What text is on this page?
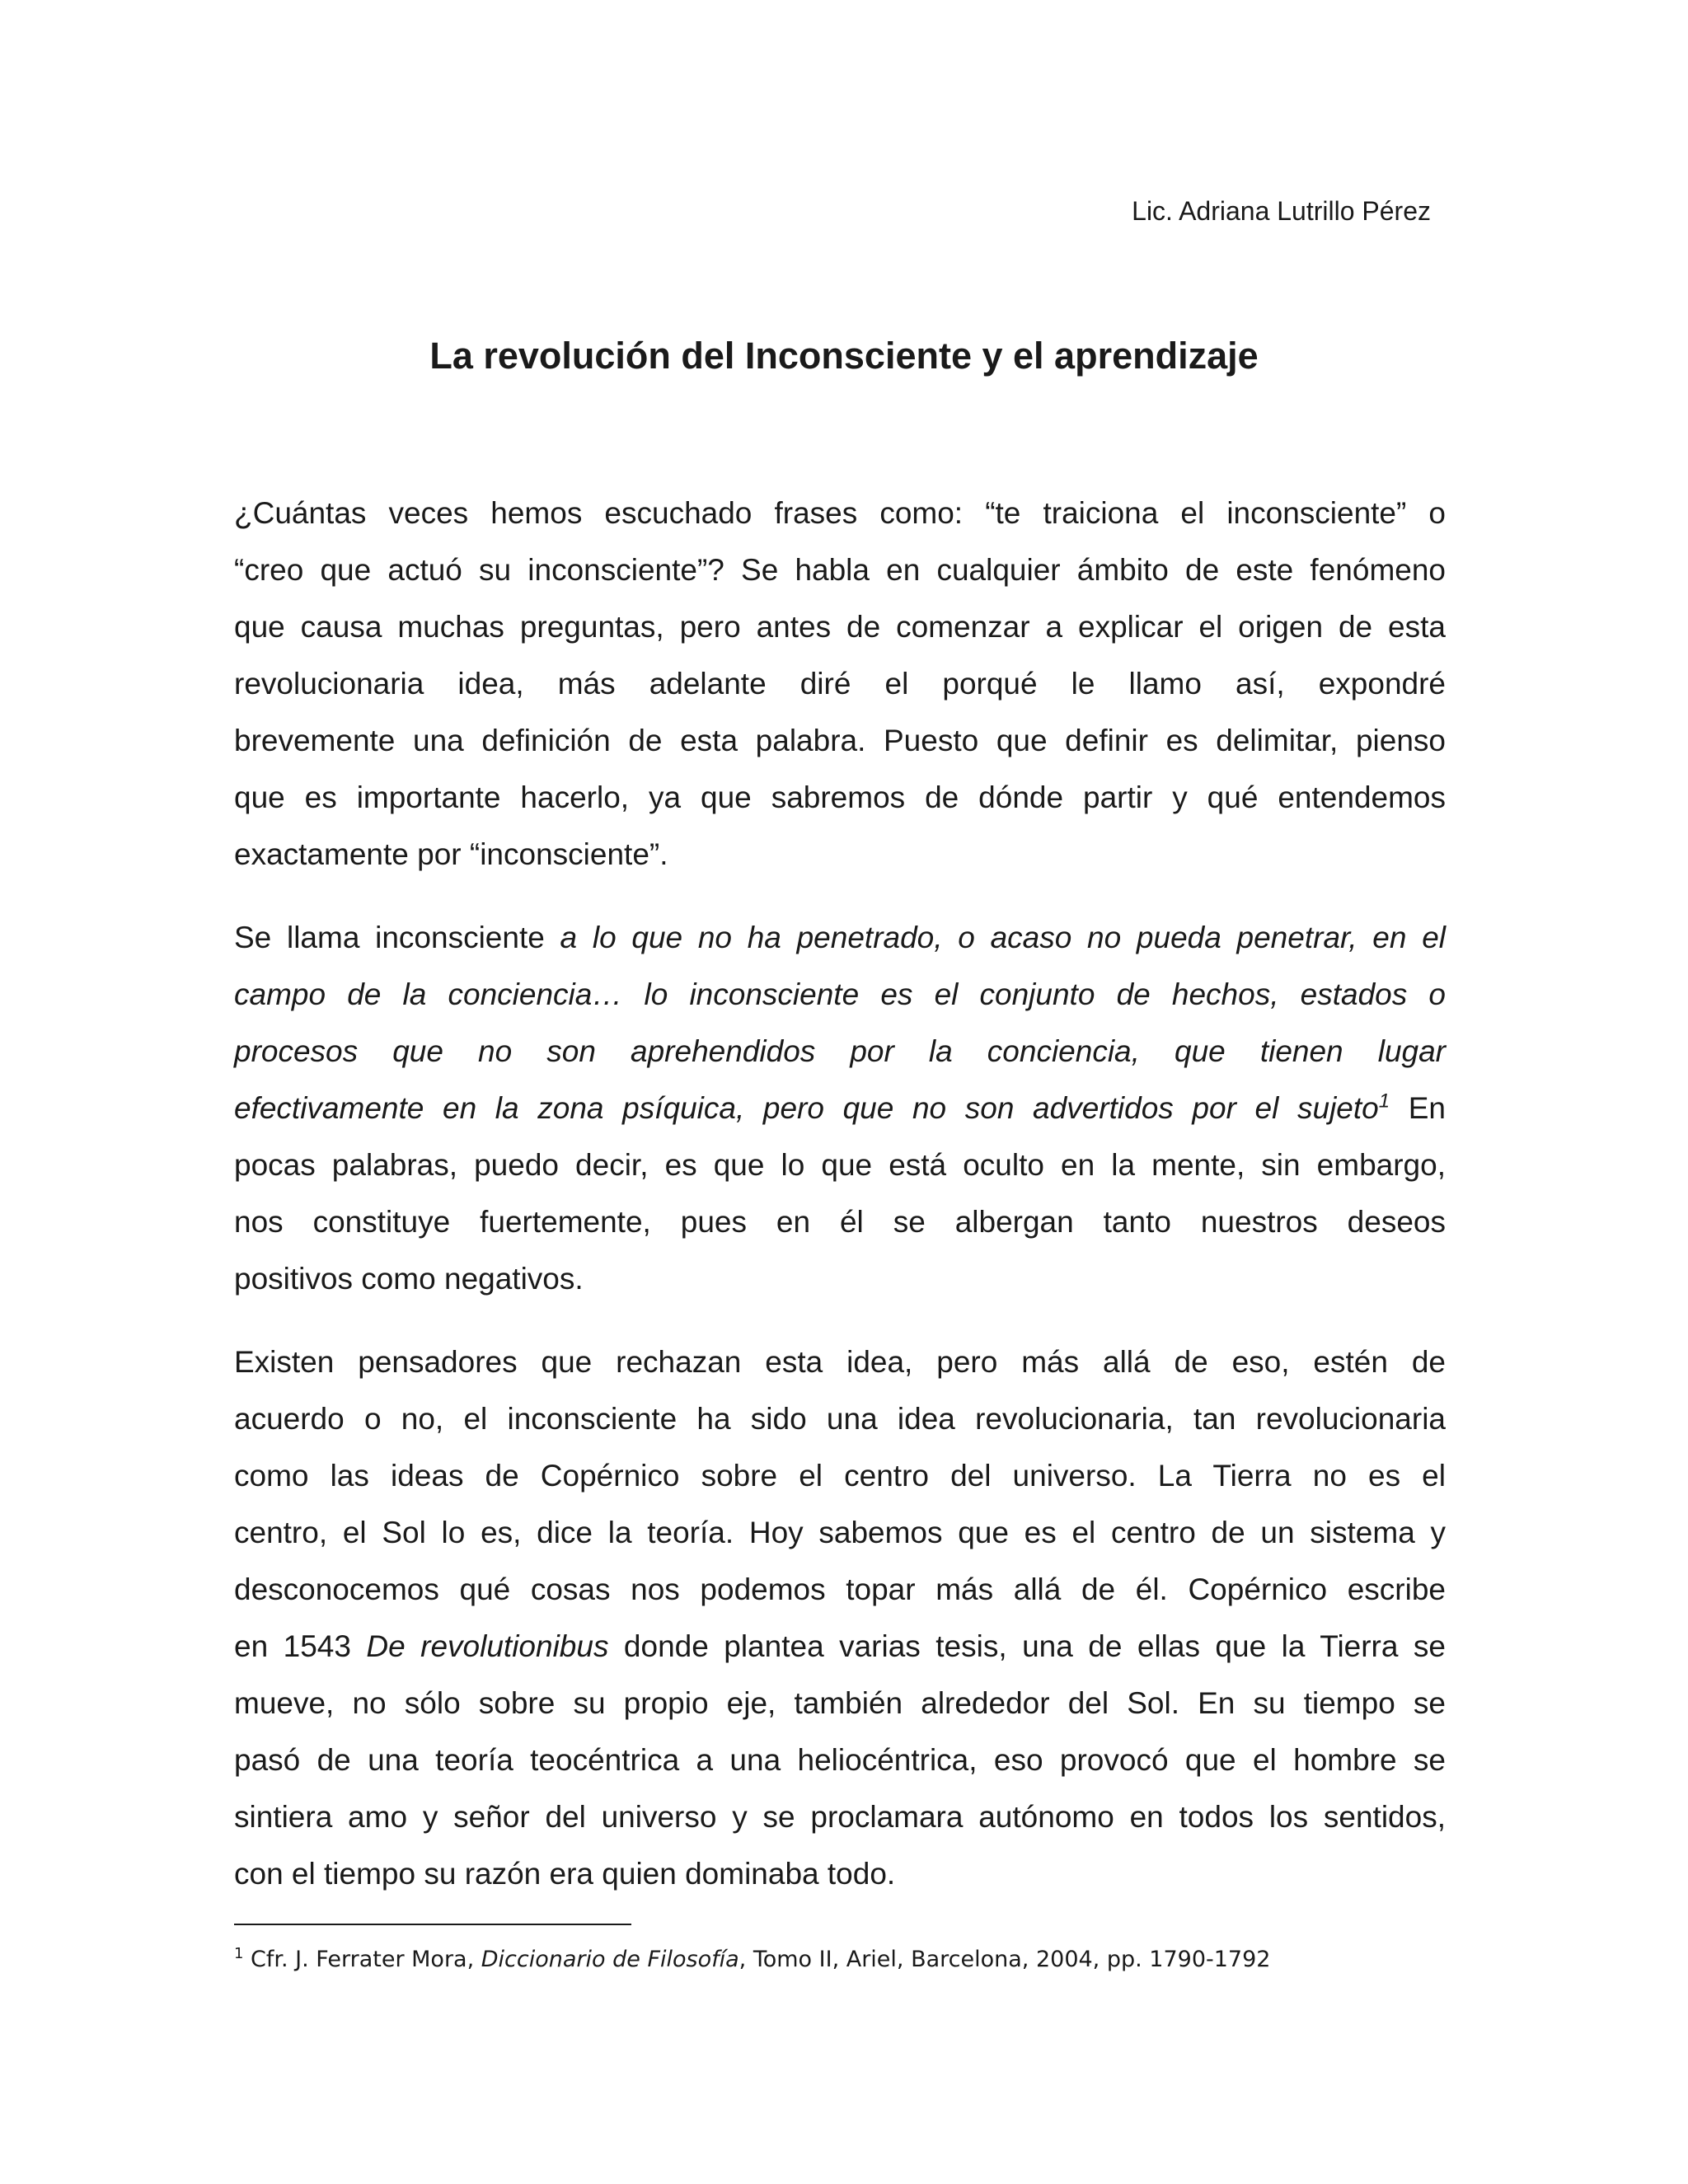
Lic. Adriana Lutrillo Pérez
La revolución del Inconsciente y el aprendizaje
¿Cuántas veces hemos escuchado frases como: “te traiciona el inconsciente” o
“creo que actuó su inconsciente”? Se habla en cualquier ámbito de este fenómeno
que causa muchas preguntas, pero antes de comenzar a explicar el origen de esta
revolucionaria idea, más adelante diré el porqué le llamo así, expondré
brevemente una definición de esta palabra. Puesto que definir es delimitar, pienso
que es importante hacerlo, ya que sabremos de dónde partir y qué entendemos
exactamente por “inconsciente”.
Se llama inconsciente a lo que no ha penetrado, o acaso no pueda penetrar, en el
campo de la conciencia… lo inconsciente es el conjunto de hechos, estados o
procesos que no son aprehendidos por la conciencia, que tienen lugar
efectivamente en la zona psíquica, pero que no son advertidos por el sujeto$^1$ En
pocas palabras, puedo decir, es que lo que está oculto en la mente, sin embargo,
nos constituye fuertemente, pues en él se albergan tanto nuestros deseos
positivos como negativos.
Existen pensadores que rechazan esta idea, pero más allá de eso, estén de
acuerdo o no, el inconsciente ha sido una idea revolucionaria, tan revolucionaria
como las ideas de Copérnico sobre el centro del universo. La Tierra no es el
centro, el Sol lo es, dice la teoría. Hoy sabemos que es el centro de un sistema y
desconocemos qué cosas nos podemos topar más allá de él. Copérnico escribe
en 1543 De revolutionibus donde plantea varias tesis, una de ellas que la Tierra se
mueve, no sólo sobre su propio eje, también alrededor del Sol. En su tiempo se
pasó de una teoría teocéntrica a una heliocéntrica, eso provocó que el hombre se
sintiera amo y señor del universo y se proclamara autónomo en todos los sentidos,
con el tiempo su razón era quien dominaba todo.
$^1$ Cfr. J. Ferrater Mora, Diccionario de Filosofía, Tomo II, Ariel, Barcelona, 2004, pp. 1790-1792
